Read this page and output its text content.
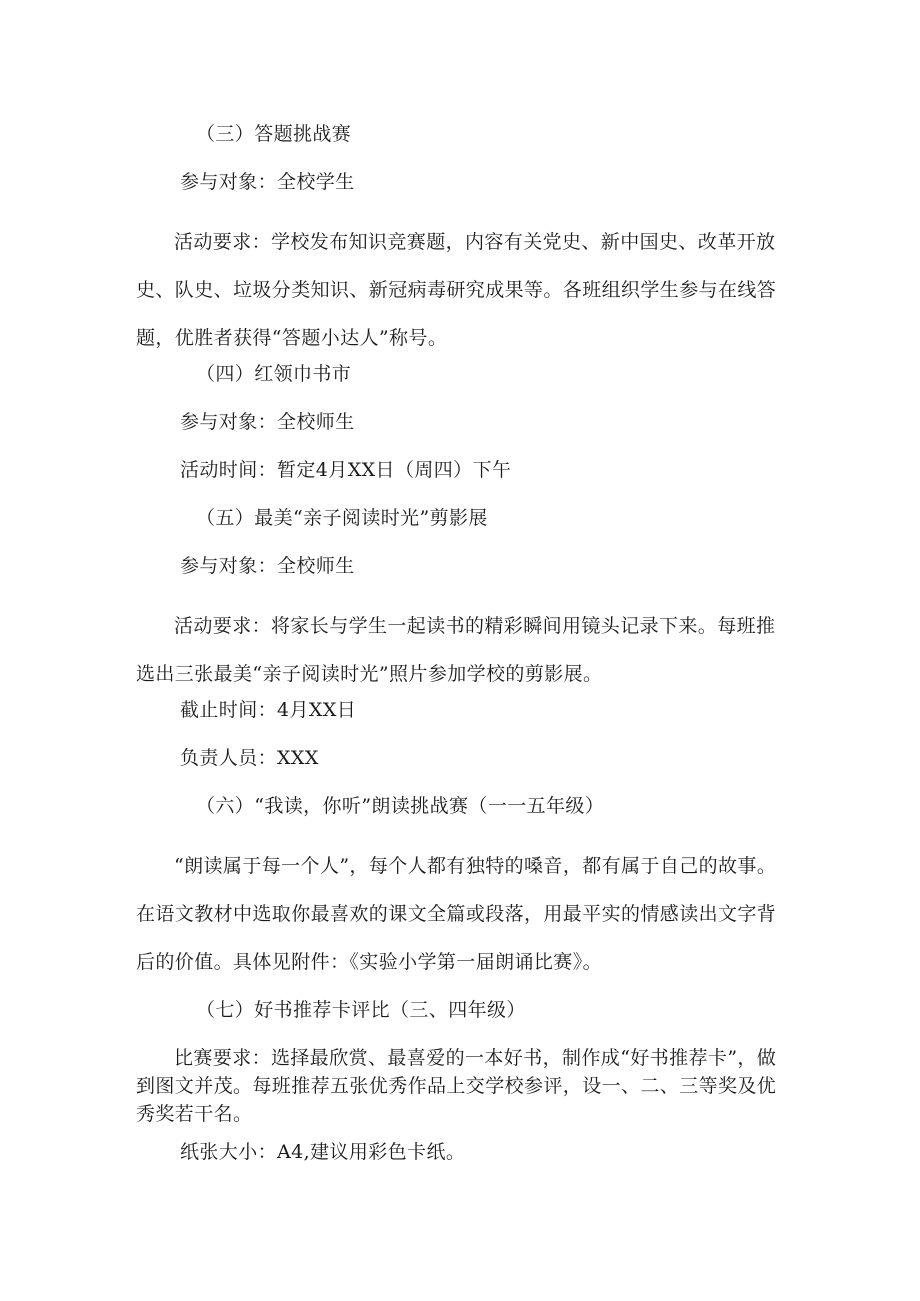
（三）答题挑战赛
参与对象：全校学生

活动要求：学校发布知识竞赛题，内容有关党史、新中国史、改革开放史、队史、垃圾分类知识、新冠病毒研究成果等。各班组织学生参与在线答题，优胜者获得“答题小达人”称号。

（四）红领巾书市
参与对象：全校师生
活动时间：暂定4月XX日（周四）下午
（五）最美“亲子阅读时光”剪影展
参与对象：全校师生

活动要求：将家长与学生一起读书的精彩瞬间用镜头记录下来。每班推选出三张最美“亲子阅读时光”照片参加学校的剪影展。

截止时间：4月XX日
负责人员：XXX
（六）“我读，你听”朗读挑战赛（一一五年级）

“朗读属于每一个人”，每个人都有独特的嗓音，都有属于自己的故事。在语文教材中选取你最喜欢的课文全篇或段落，用最平实的情感读出文字背后的价值。具体见附件：《实验小学第一届朗诵比赛》。

（七）好书推荐卡评比（三、四年级）

比赛要求：选择最欣赏、最喜爱的一本好书，制作成“好书推荐卡”，做到图文并茂。每班推荐五张优秀作品上交学校参评，设一、二、三等奖及优秀奖若干名。

纸张大小：A4,建议用彩色卡纸。
